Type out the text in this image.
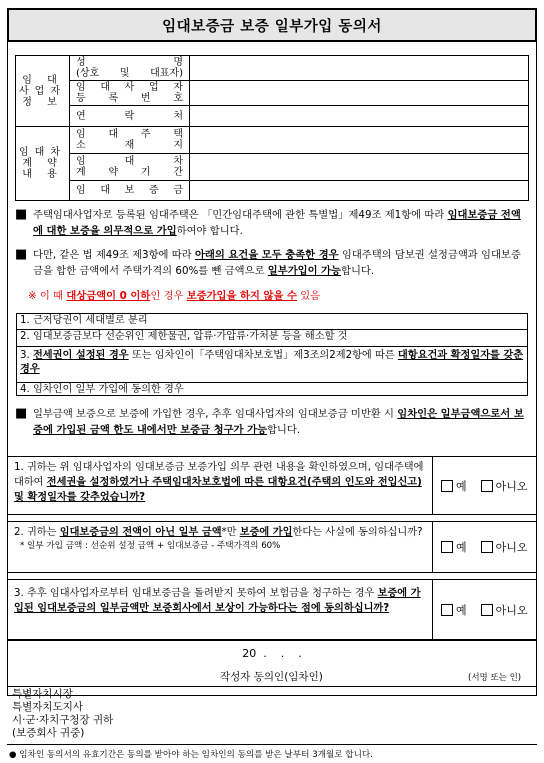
임대보증금 보증 일부가입 동의서
임 대
사업자
정 보	성 명
(상호 및 대표자)	

	임 대 사 업 자
등 록 번 호	

	연 락 처	

임대차
계 약
내 용	임 대 주 택
소 재 지	

	임 대 차
계 약 기 간	

	임 대 보 증 금	

■ 주택임대사업자로 등록된 임대주택은 「민간임대주택에 관한 특별법」제49조 제1항에 따라 임대보증금 전액에 대한 보증을 의무적으로 가입하여야 합니다.
■ 다만, 같은 법 제49조 제3항에 따라 아래의 요건을 모두 충족한 경우 임대주택의 담보권 설정금액과 임대보증금을 합한 금액에서 주택가격의 60%를 뺀 금액으로 일부가입이 가능합니다.
※ 이 때 대상금액이 0 이하인 경우 보증가입을 하지 않을 수 있음
1. 근저당권이 세대별로 분리
2. 임대보증금보다 선순위인 제한물권, 압류·가압류·가처분 등을 해소할 것
3. 전세권이 설정된 경우 또는 임차인이「주택임대차보호법」제3조의2제2항에 따른 대항요건과 확정일자를 갖춘 경우
4. 임차인이 일부 가입에 동의한 경우
■ 일부금액 보증으로 보증에 가입한 경우, 추후 임대사업자의 임대보증금 미반환 시 임차인은 일부금액으로서 보증에 가입된 금액 한도 내에서만 보증금 청구가 가능합니다.
1. 귀하는 위 임대사업자의 임대보증금 보증가입 의무 관련 내용을 확인하였으며, 임대주택에 대하여 전세권을 설정하였거나 주택임대차보호법에 따른 대항요건(주택의 인도와 전입신고) 및 확정일자를 갖추었습니까?
예	아니오
2. 귀하는 임대보증금의 전액이 아닌 일부 금액*만 보증에 가입한다는 사실에 동의하십니까?
* 일부 가입 금액 : 선순위 설정 금액 + 임대보증금 - 주택가격의 60%	예	아니오
3. 추후 임대사업자로부터 임대보증금을 돌려받지 못하여 보험금을 청구하는 경우 보증에 가입된 임대보증금의 일부금액만 보증회사에서 보상이 가능하다는 점에 동의하십니까?	예	아니오
20  .    .    .
작성자 동의인(임차인)	(서명 또는 인)
특별자치시장
특별자치도지사
시·군·자치구청장 귀하
(보증회사 귀중)
● 임차인 동의서의 유효기간은 동의를 받아야 하는 임차인의 동의를 받은 날부터 3개월로 합니다.
